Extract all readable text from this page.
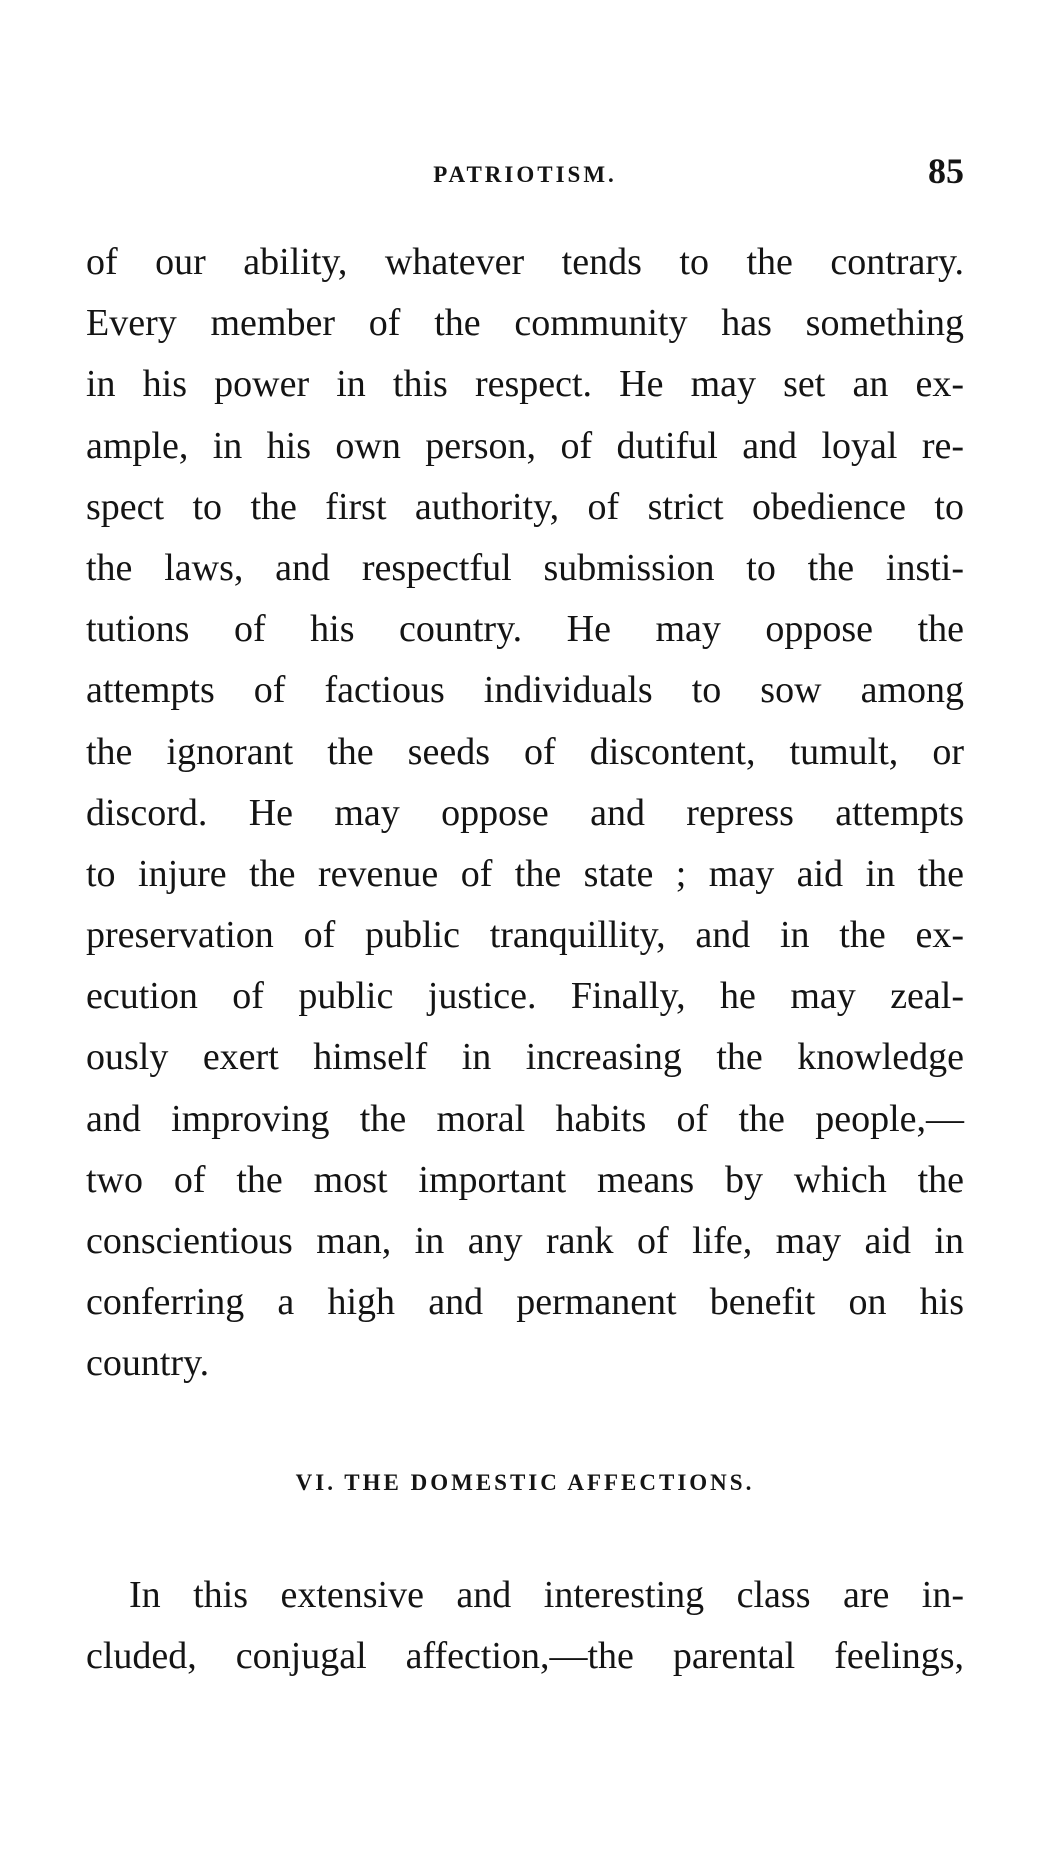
PATRIOTISM.	85
of our ability, whatever tends to the contrary.
Every member of the community has something
in his power in this respect. He may set an ex-
ample, in his own person, of dutiful and loyal re-
spect to the first authority, of strict obedience to
the laws, and respectful submission to the insti-
tutions of his country. He may oppose the
attempts of factious individuals to sow among
the ignorant the seeds of discontent, tumult, or
discord. He may oppose and repress attempts
to injure the revenue of the state ; may aid in the
preservation of public tranquillity, and in the ex-
ecution of public justice. Finally, he may zeal-
ously exert himself in increasing the knowledge
and improving the moral habits of the people,—
two of the most important means by which the
conscientious man, in any rank of life, may aid in
conferring a high and permanent benefit on his
country.
VI. THE DOMESTIC AFFECTIONS.
In this extensive and interesting class are in-
cluded, conjugal affection,—the parental feelings,
